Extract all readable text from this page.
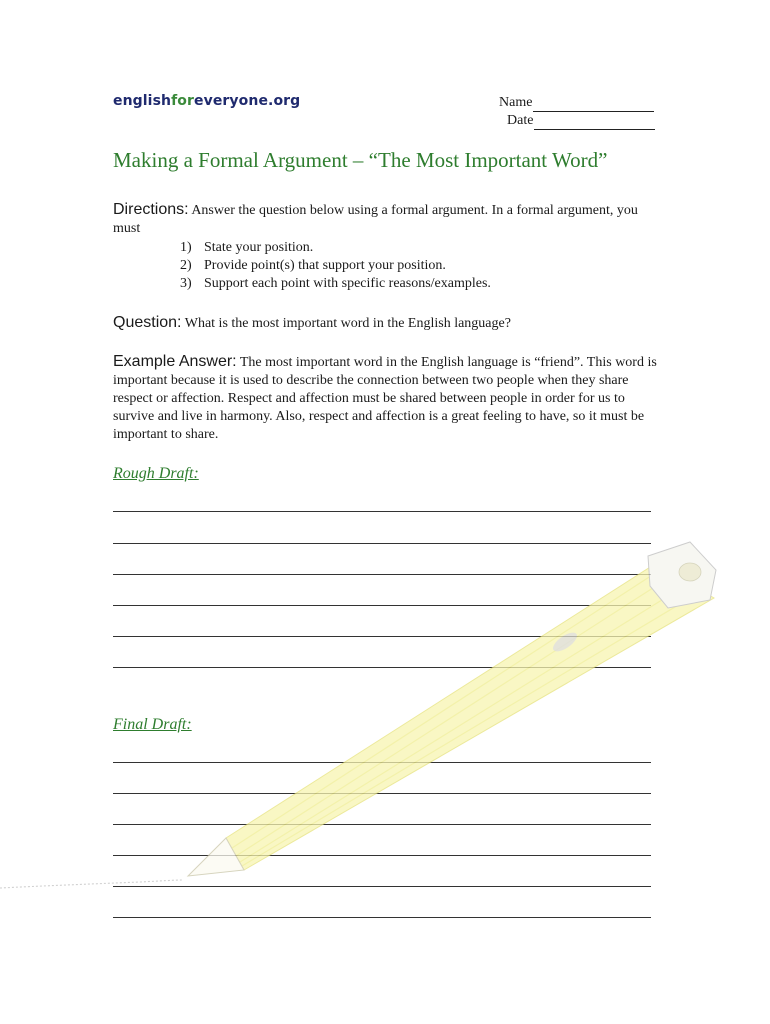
englishforeveryone.org	Name
Date
Making a Formal Argument – “The Most Important Word”
Directions: Answer the question below using a formal argument. In a formal argument, you must
1) State your position.
2) Provide point(s) that support your position.
3) Support each point with specific reasons/examples.
Question: What is the most important word in the English language?
Example Answer: The most important word in the English language is “friend”. This word is important because it is used to describe the connection between two people when they share respect or affection. Respect and affection must be shared between people in order for us to survive and live in harmony. Also, respect and affection is a great feeling to have, so it must be important to share.
Rough Draft:
Final Draft:
